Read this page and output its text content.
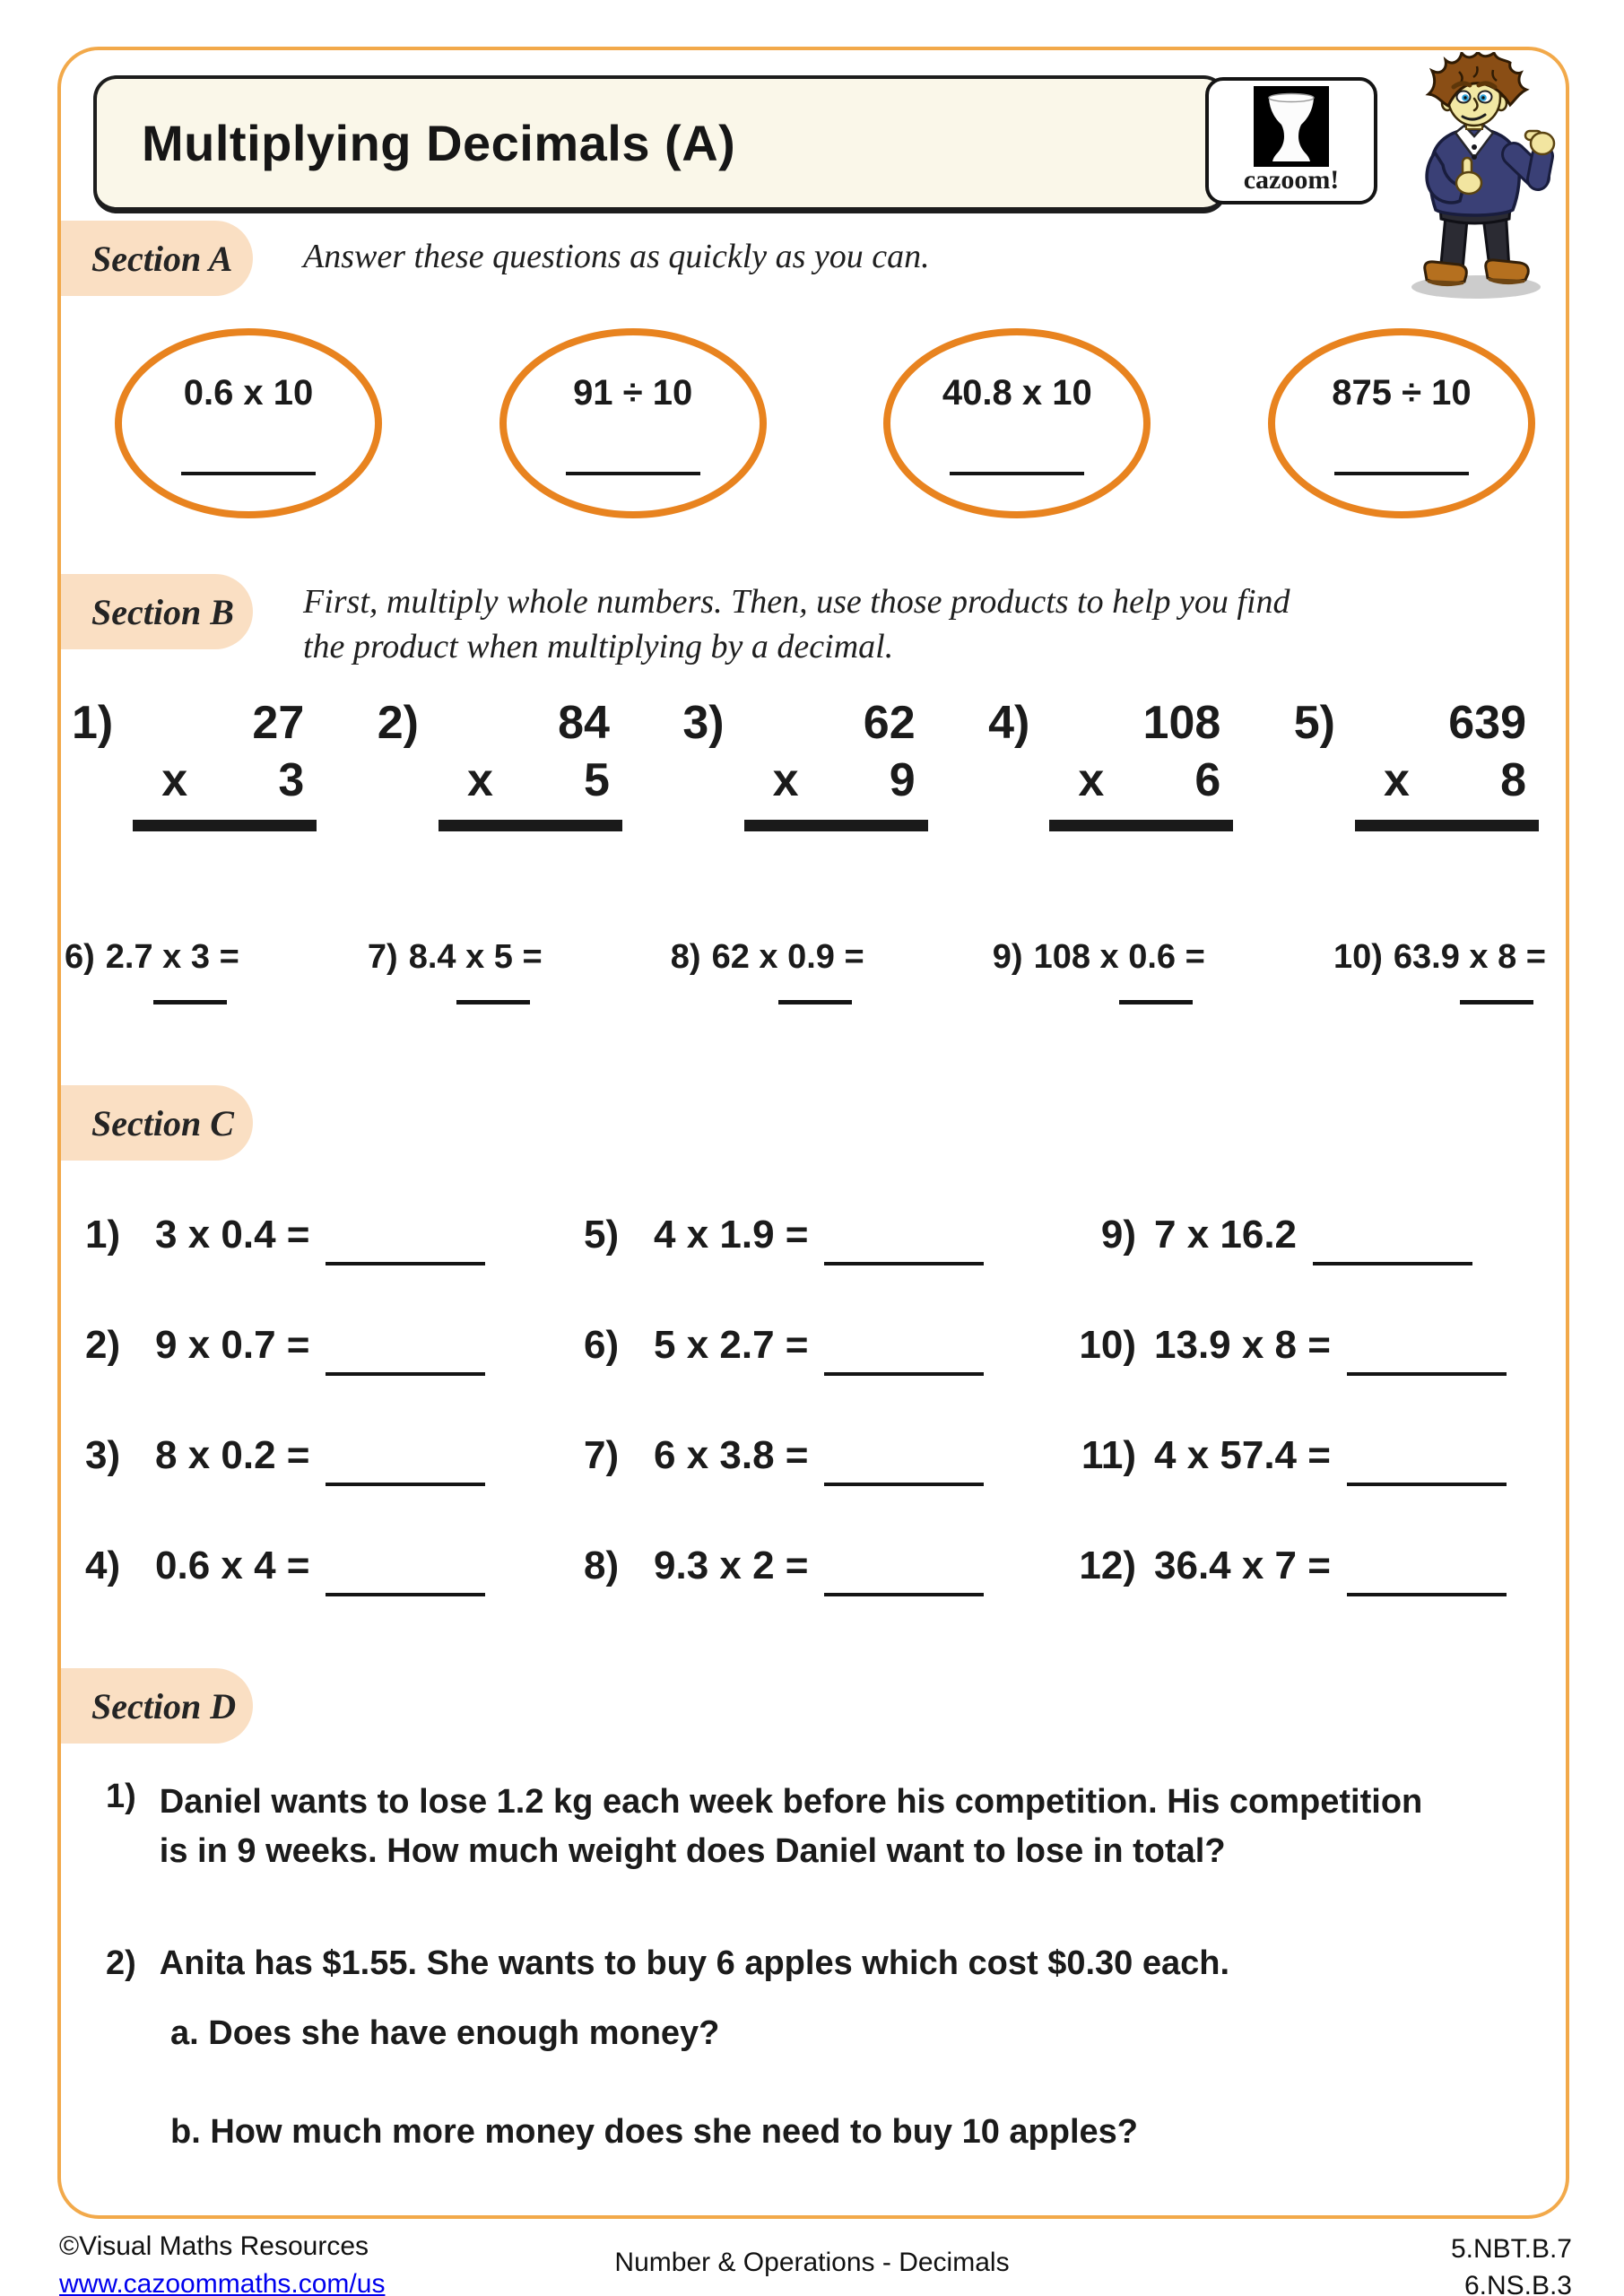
Multiplying Decimals (A)
cazoom!
Section A Answer these questions as quickly as you can.
0.6 x 10	91 ÷ 10	40.8 x 10	875 ÷ 10
Section B First, multiply whole numbers. Then, use those products to help you find
the product when multiplying by a decimal.
1)	27
x 3
2)	84
x 5
3)	62
x 9
4)	108
x 6
5)	639
x 8
6) 2.7 x 3 =	7) 8.4 x 5 =	8) 62 x 0.9 =	9) 108 x 0.6 =	10) 63.9 x 8 =
Section C
1) 3 x 0.4 =	5) 4 x 1.9 =	9) 7 x 16.2
2) 9 x 0.7 =	6) 5 x 2.7 =	10) 13.9 x 8 =
3) 8 x 0.2 =	7) 6 x 3.8 =	11) 4 x 57.4 =
4) 0.6 x 4 =	8) 9.3 x 2 =	12) 36.4 x 7 =
Section D
1) Daniel wants to lose 1.2 kg each week before his competition. His competition
is in 9 weeks. How much weight does Daniel want to lose in total?
2) Anita has $1.55. She wants to buy 6 apples which cost $0.30 each.
a. Does she have enough money?
b. How much more money does she need to buy 10 apples?
©Visual Maths Resources
www.cazoommaths.com/us
Number & Operations - Decimals	5.NBT.B.7
6.NS.B.3
